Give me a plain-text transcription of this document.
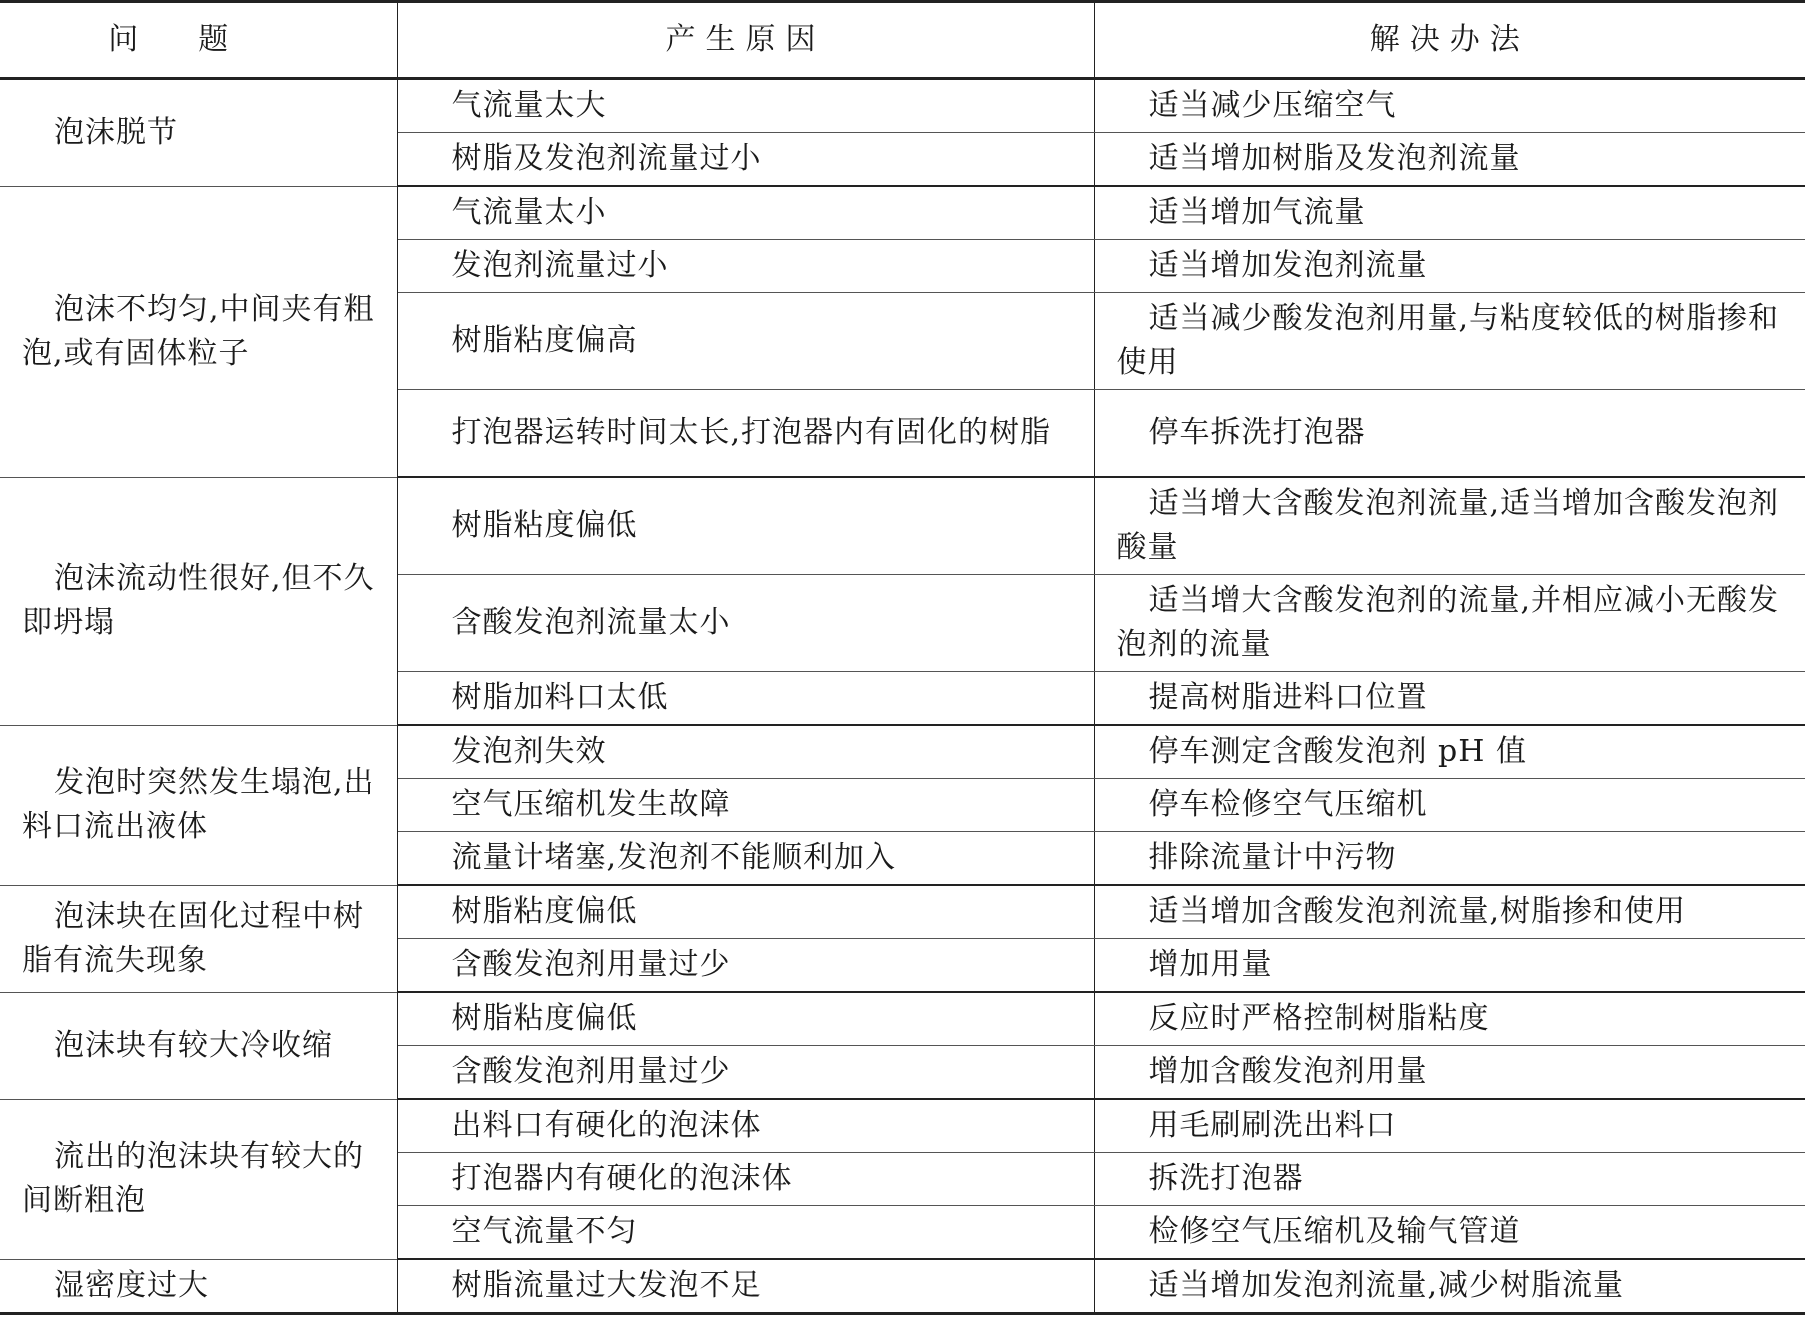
问题	产生原因	解决办法
泡沫脱节	气流量太大	适当减少压缩空气
	树脂及发泡剂流量过小	适当增加树脂及发泡剂流量
泡沫不均匀,中间夹有粗泡,或有固体粒子	气流量太小	适当增加气流量
	发泡剂流量过小	适当增加发泡剂流量
	树脂粘度偏高	适当减少酸发泡剂用量,与粘度较低的树脂掺和使用
	打泡器运转时间太长,打泡器内有固化的树脂	停车拆洗打泡器
泡沫流动性很好,但不久即坍塌	树脂粘度偏低	适当增大含酸发泡剂流量,适当增加含酸发泡剂酸量
	含酸发泡剂流量太小	适当增大含酸发泡剂的流量,并相应减小无酸发泡剂的流量
	树脂加料口太低	提高树脂进料口位置
发泡时突然发生塌泡,出料口流出液体	发泡剂失效	停车测定含酸发泡剂 pH 值
	空气压缩机发生故障	停车检修空气压缩机
	流量计堵塞,发泡剂不能顺利加入	排除流量计中污物
泡沫块在固化过程中树脂有流失现象	树脂粘度偏低	适当增加含酸发泡剂流量,树脂掺和使用
	含酸发泡剂用量过少	增加用量
泡沫块有较大冷收缩	树脂粘度偏低	反应时严格控制树脂粘度
	含酸发泡剂用量过少	增加含酸发泡剂用量
流出的泡沫块有较大的间断粗泡	出料口有硬化的泡沫体	用毛刷刷洗出料口
	打泡器内有硬化的泡沫体	拆洗打泡器
	空气流量不匀	检修空气压缩机及输气管道
湿密度过大	树脂流量过大发泡不足	适当增加发泡剂流量,减少树脂流量
